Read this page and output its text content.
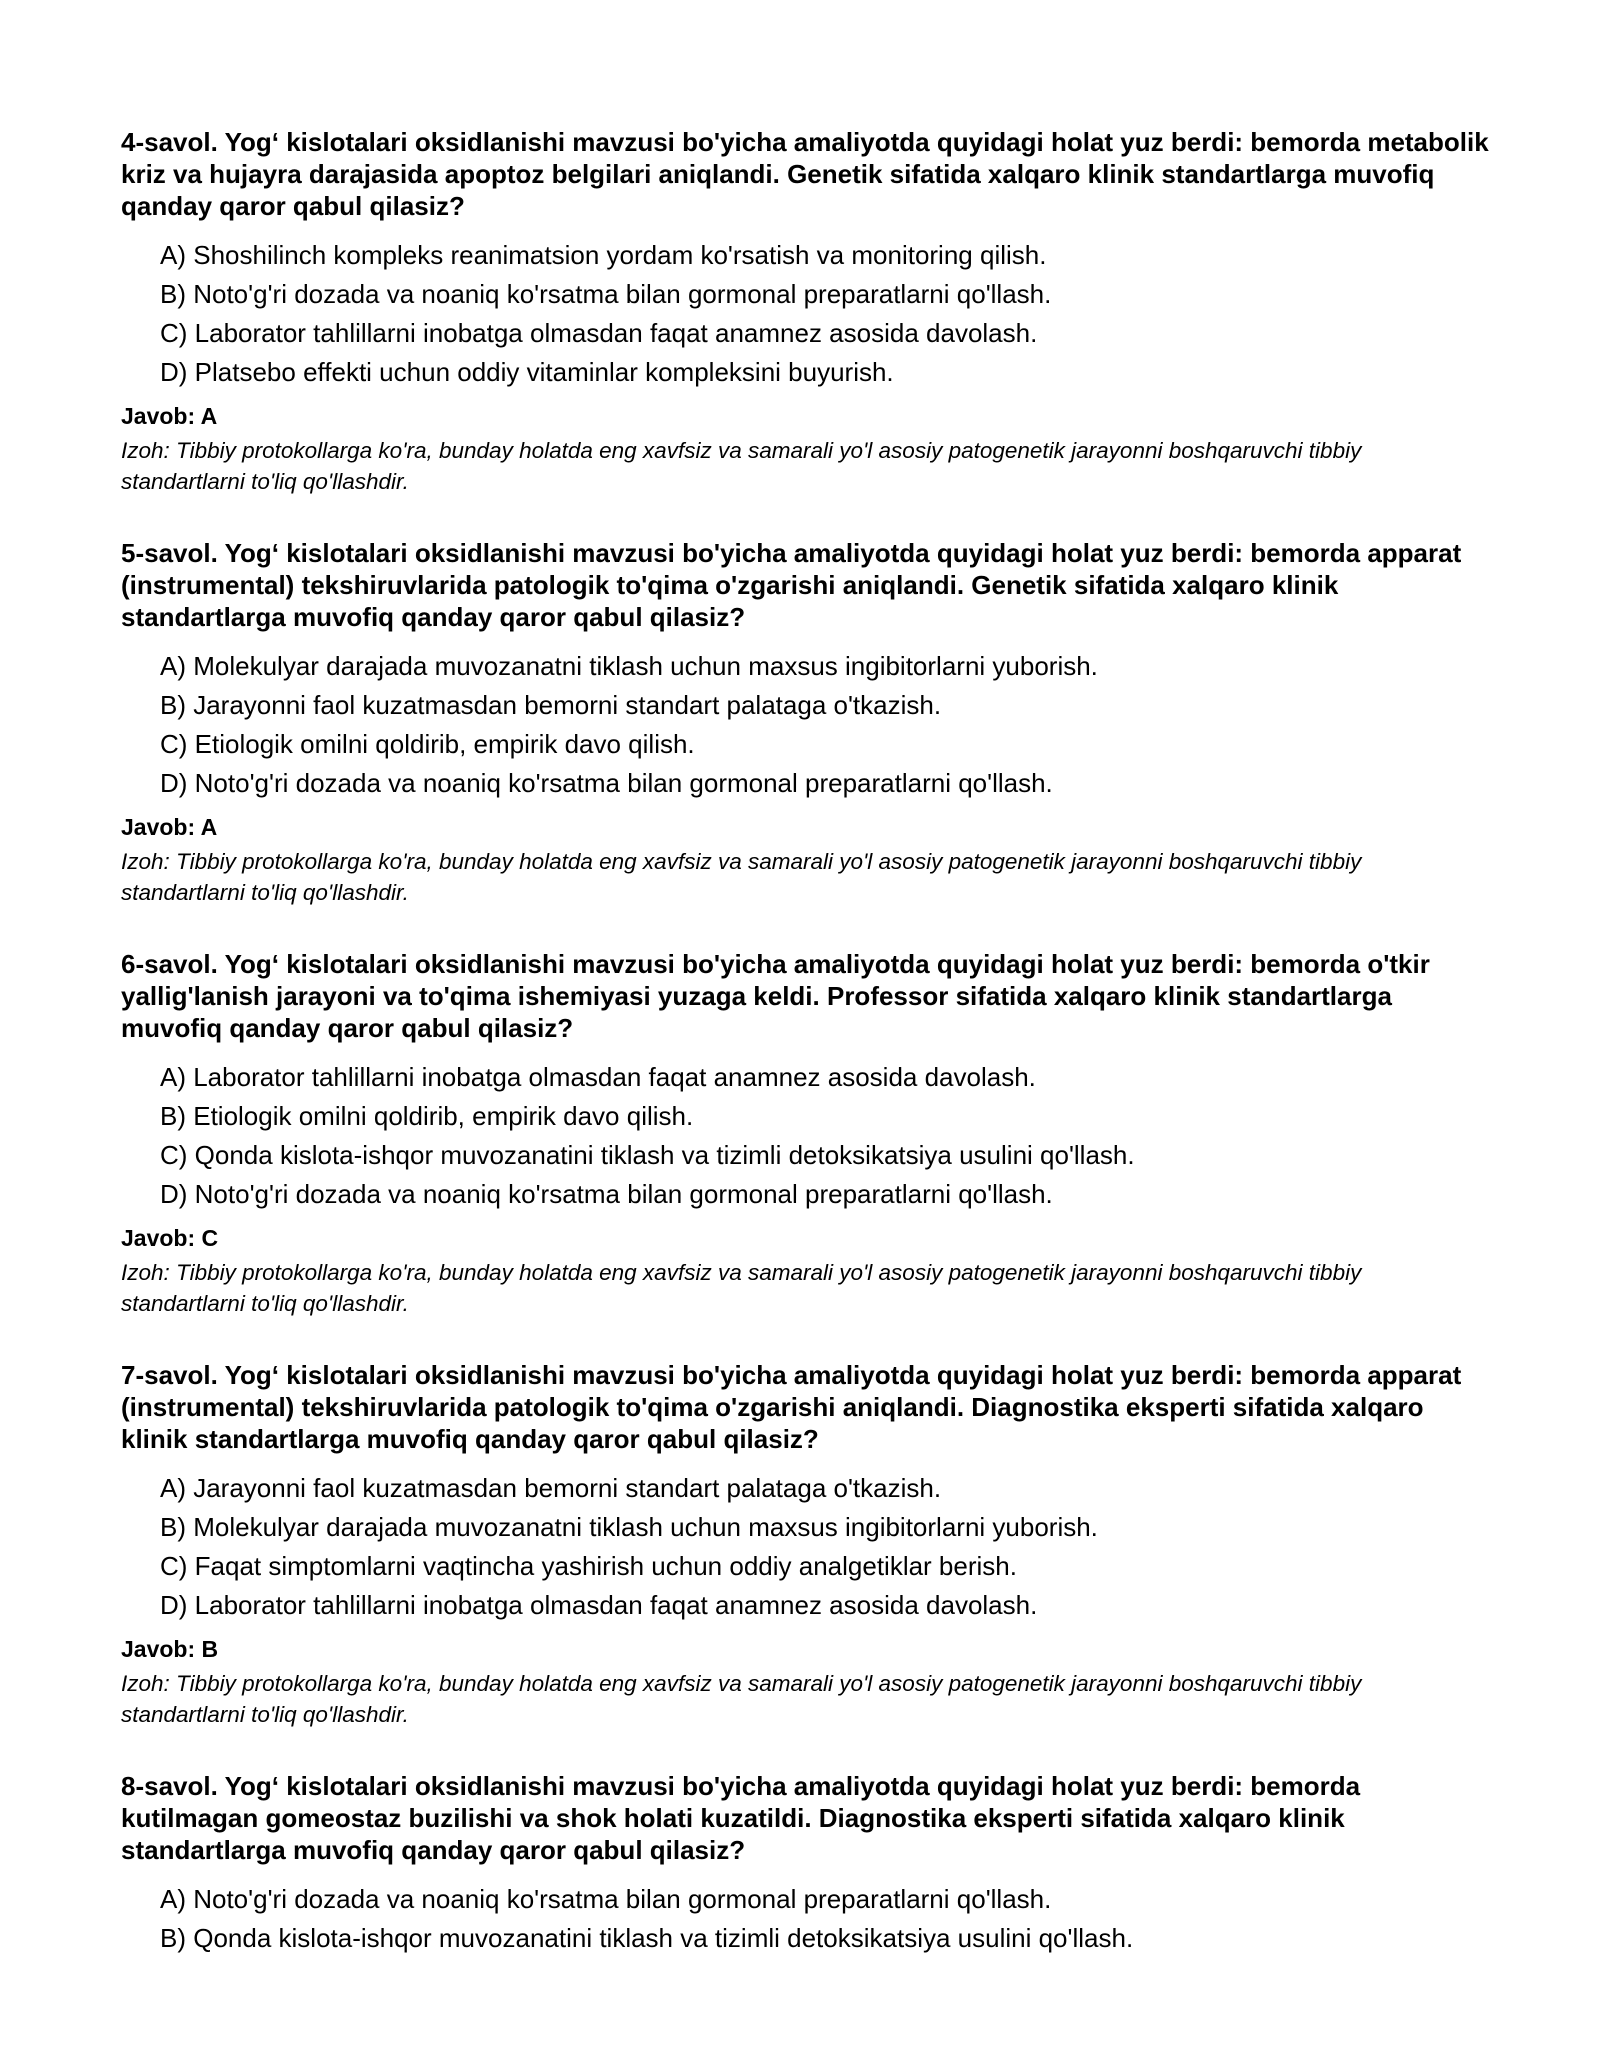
4-savol. Yog‘ kislotalari oksidlanishi mavzusi bo'yicha amaliyotda quyidagi holat yuz berdi: bemorda metabolik kriz va hujayra darajasida apoptoz belgilari aniqlandi. Genetik sifatida xalqaro klinik standartlarga muvofiq qanday qaror qabul qilasiz?

A) Shoshilinch kompleks reanimatsion yordam ko'rsatish va monitoring qilish.
B) Noto'g'ri dozada va noaniq ko'rsatma bilan gormonal preparatlarni qo'llash.
C) Laborator tahlillarni inobatga olmasdan faqat anamnez asosida davolash.
D) Platsebo effekti uchun oddiy vitaminlar kompleksini buyurish.

Javob: A

Izoh: Tibbiy protokollarga ko'ra, bunday holatda eng xavfsiz va samarali yo'l asosiy patogenetik jarayonni boshqaruvchi tibbiy standartlarni to'liq qo'llashdir.

5-savol. Yog‘ kislotalari oksidlanishi mavzusi bo'yicha amaliyotda quyidagi holat yuz berdi: bemorda apparat (instrumental) tekshiruvlarida patologik to'qima o'zgarishi aniqlandi. Genetik sifatida xalqaro klinik standartlarga muvofiq qanday qaror qabul qilasiz?

A) Molekulyar darajada muvozanatni tiklash uchun maxsus ingibitorlarni yuborish.
B) Jarayonni faol kuzatmasdan bemorni standart palataga o'tkazish.
C) Etiologik omilni qoldirib, empirik davo qilish.
D) Noto'g'ri dozada va noaniq ko'rsatma bilan gormonal preparatlarni qo'llash.

Javob: A

Izoh: Tibbiy protokollarga ko'ra, bunday holatda eng xavfsiz va samarali yo'l asosiy patogenetik jarayonni boshqaruvchi tibbiy standartlarni to'liq qo'llashdir.

6-savol. Yog‘ kislotalari oksidlanishi mavzusi bo'yicha amaliyotda quyidagi holat yuz berdi: bemorda o'tkir yallig'lanish jarayoni va to'qima ishemiyasi yuzaga keldi. Professor sifatida xalqaro klinik standartlarga muvofiq qanday qaror qabul qilasiz?

A) Laborator tahlillarni inobatga olmasdan faqat anamnez asosida davolash.
B) Etiologik omilni qoldirib, empirik davo qilish.
C) Qonda kislota-ishqor muvozanatini tiklash va tizimli detoksikatsiya usulini qo'llash.
D) Noto'g'ri dozada va noaniq ko'rsatma bilan gormonal preparatlarni qo'llash.

Javob: C

Izoh: Tibbiy protokollarga ko'ra, bunday holatda eng xavfsiz va samarali yo'l asosiy patogenetik jarayonni boshqaruvchi tibbiy standartlarni to'liq qo'llashdir.

7-savol. Yog‘ kislotalari oksidlanishi mavzusi bo'yicha amaliyotda quyidagi holat yuz berdi: bemorda apparat (instrumental) tekshiruvlarida patologik to'qima o'zgarishi aniqlandi. Diagnostika eksperti sifatida xalqaro klinik standartlarga muvofiq qanday qaror qabul qilasiz?

A) Jarayonni faol kuzatmasdan bemorni standart palataga o'tkazish.
B) Molekulyar darajada muvozanatni tiklash uchun maxsus ingibitorlarni yuborish.
C) Faqat simptomlarni vaqtincha yashirish uchun oddiy analgetiklar berish.
D) Laborator tahlillarni inobatga olmasdan faqat anamnez asosida davolash.

Javob: B

Izoh: Tibbiy protokollarga ko'ra, bunday holatda eng xavfsiz va samarali yo'l asosiy patogenetik jarayonni boshqaruvchi tibbiy standartlarni to'liq qo'llashdir.

8-savol. Yog‘ kislotalari oksidlanishi mavzusi bo'yicha amaliyotda quyidagi holat yuz berdi: bemorda kutilmagan gomeostaz buzilishi va shok holati kuzatildi. Diagnostika eksperti sifatida xalqaro klinik standartlarga muvofiq qanday qaror qabul qilasiz?

A) Noto'g'ri dozada va noaniq ko'rsatma bilan gormonal preparatlarni qo'llash.
B) Qonda kislota-ishqor muvozanatini tiklash va tizimli detoksikatsiya usulini qo'llash.
